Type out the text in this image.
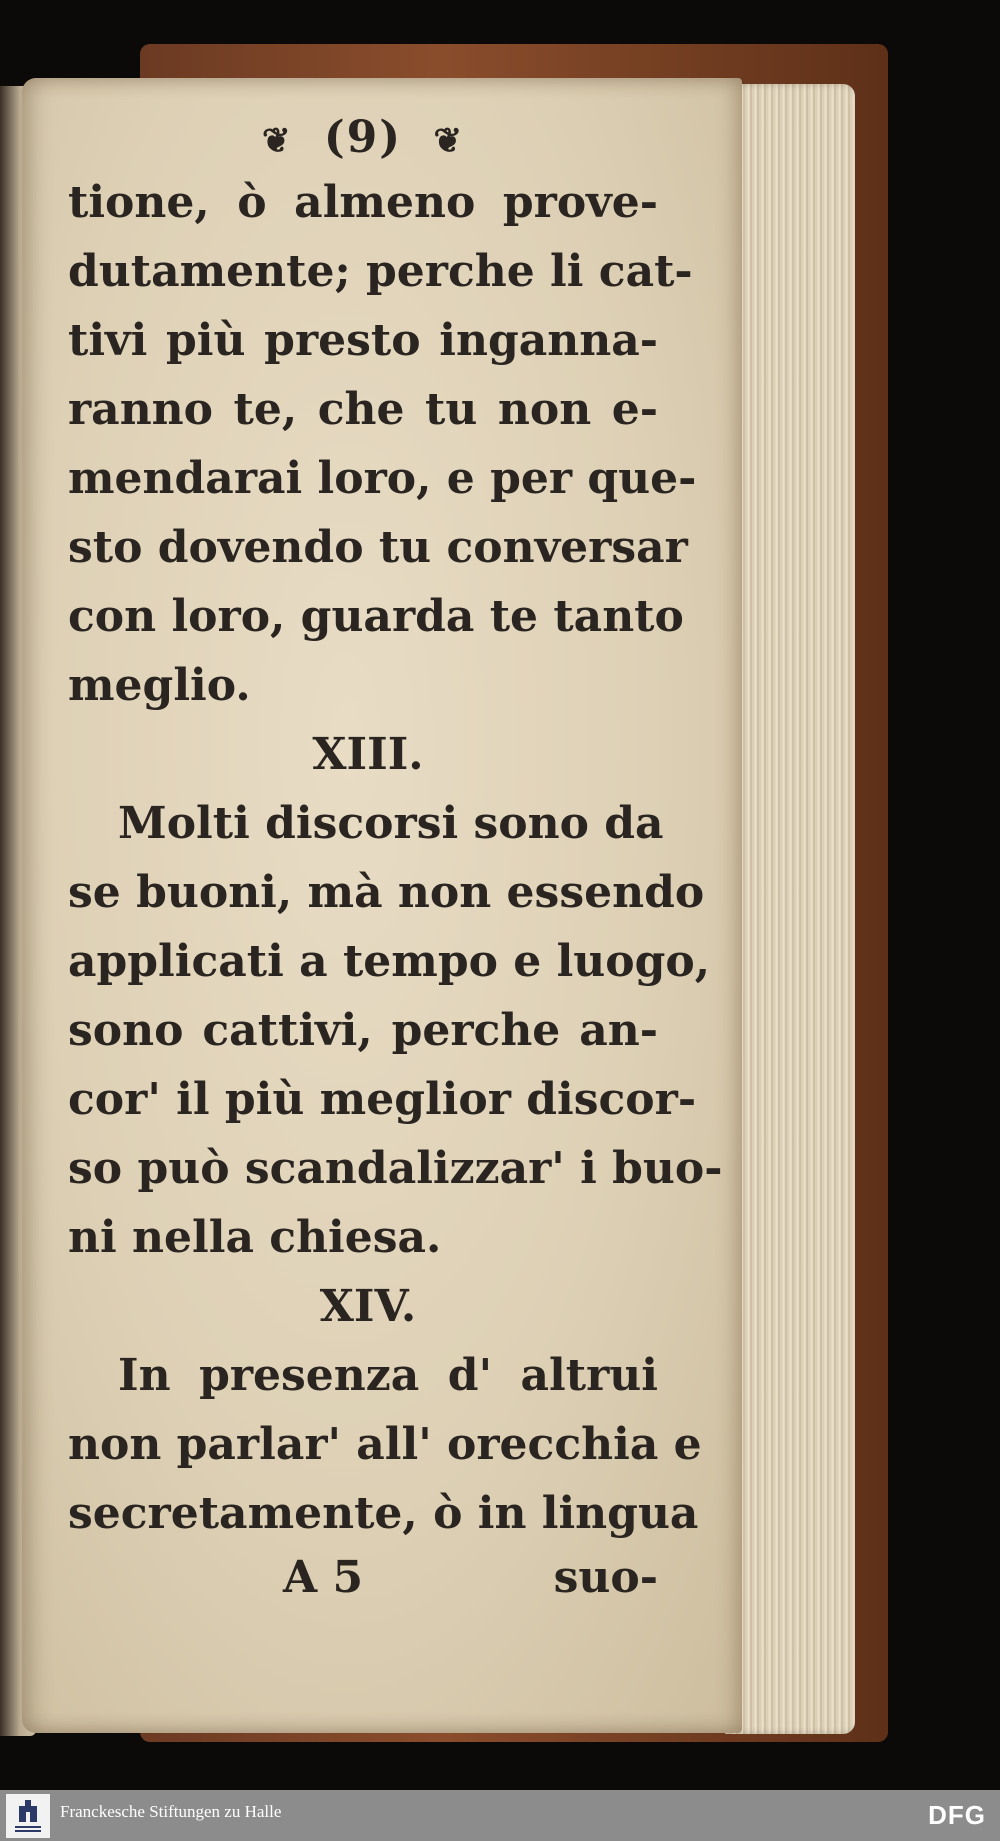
❦ (9) ❦
tione, ò almeno prove-
dutamente; perche li cat-
tivi più presto inganna-
ranno te, che tu non e-
mendarai loro, e per que-
sto dovendo tu conversar
con loro, guarda te tanto
meglio.
XIII.
Molti discorsi sono da
se buoni, mà non essendo
applicati a tempo e luogo,
sono cattivi, perche an-
cor' il più meglior discor-
so può scandalizzar' i buo-
ni nella chiesa.
XIV.
In presenza d' altrui
non parlar' all' orecchia e
secretamente, ò in lingua
A 5	suo-
Franckesche Stiftungen zu Halle	DFG
